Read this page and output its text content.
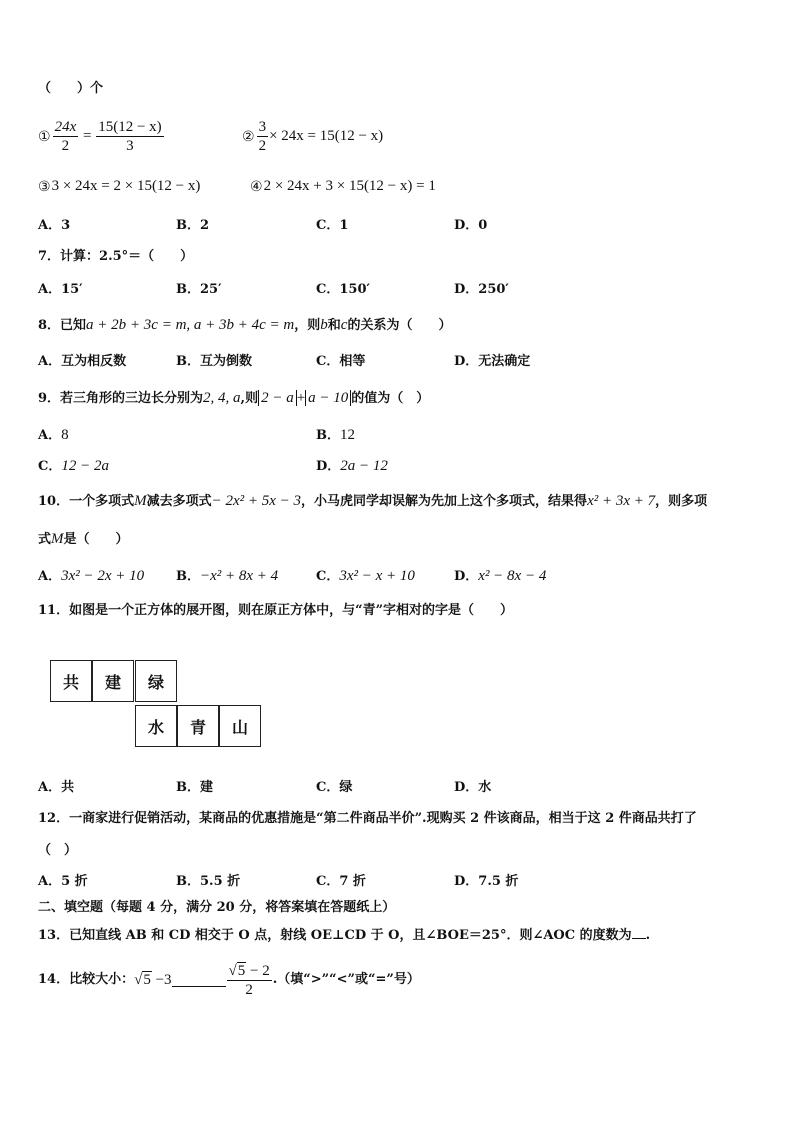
（　　）个
① $\frac{24x}{2} = \frac{15(12 - x)}{3}$	② $\frac{3}{2} \times 24x = 15(12 - x)$
③ 3 × 24x = 2 × 15(12 − x)	④ 2 × 24x + 3 × 15(12 − x) = 1
A．3	B．2	C．1	D．0
7．计算：2.5°＝（　　）
A．15′	B．25′	C．150′	D．250′
8．已知a + 2b + 3c = m, a + 3b + 4c = m，则b和c的关系为（　　）
A．互为相反数	B．互为倒数	C．相等	D．无法确定
9．若三角形的三边长分别为2, 4, a,则 2 − a + a − 10 的值为（　）
A．8	B．12
C．12 − 2a	D．2a − 12
10．一个多项式M减去多项式− 2x² + 5x − 3，小马虎同学却误解为先加上这个多项式，结果得x² + 3x + 7，则多项
式M是（　　）
A．3x² − 2x + 10 B．−x² + 8x + 4	C．3x² − x + 10	D．x² − 8x − 4
11．如图是一个正方体的展开图，则在原正方体中，与“青”字相对的字是（　　）
共	建	绿
水	青	山
A．共	B．建	C．绿	D．水
12．一商家进行促销活动，某商品的优惠措施是“第二件商品半价”.现购买 2 件该商品，相当于这 2 件商品共打了
（　）
A．5 折	B．5.5 折	C．7 折	D．7.5 折
二、填空题（每题 4 分，满分 20 分，将答案填在答题纸上）
13．已知直线 AB 和 CD 相交于 O 点，射线 OE⊥CD 于 O，且∠BOE＝25°．则∠AOC 的度数为 .
14．比较大小： √5 −3	$\frac{√5 - 2}{2}$ .（填“>”“<”或“=”号）
